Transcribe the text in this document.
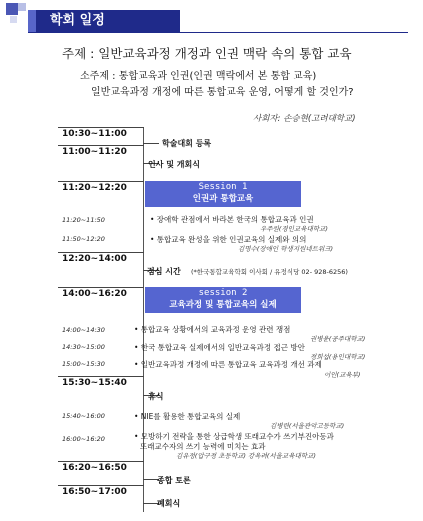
학회 일정
주제 : 일반교육과정 개정과 인권 맥락 속의 통합 교육
소주제 : 통합교육과 인권(인권 맥락에서 본 통합 교육)
일반교육과정 개정에 따른 통합교육 운영, 어떻게 할 것인가?
사회자: 손승현(고려대학교)
10:30~11:00
학술대회 등록
11:00~11:20
인사 및 개회식
11:20~12:20	Session 1
인권과 통합교육
11:20~11:50	• 장애학 관점에서 바라본 한국의 통합교육과 인권
우주원(경인교육대학교)
11:50~12:20	• 통합교육 완성을 위한 인권교육의 실제와 의의
김명수(장애인 학생지원네트워크)
12:20~14:00
점심 시간 (*한국통합교육학회 이사회 / 유정식당 02- 928-6256)
14:00~16:20	session 2
교육과정 및 통합교육의 실제
14:00~14:30	• 통합교육 상황에서의 교육과정 운영 관련 쟁점
권병윤(공주대학교)
14:30~15:00	• 한국 통합교육 실제에서의 일반교육과정 접근 방안
정희섭(용인대학교)
15:00~15:30	• 일반교육과정 개정에 따른 통합교육 교육과정 개선 과제
이인(교육부)
15:30~15:40
휴식
15:40~16:00	• NIE를 활용한 통합교육의 실제
김병련(서울관악고등학교)
16:00~16:20	• 모방하기 전략을 통한 상급학생 또래교수가 쓰기부진아동과
또래교수자의 쓰기 능력에 미치는 효과
김유정(압구정 초등학교) 강옥려(서울교육대학교)
16:20~16:50
종합 토론
16:50~17:00
폐회식
